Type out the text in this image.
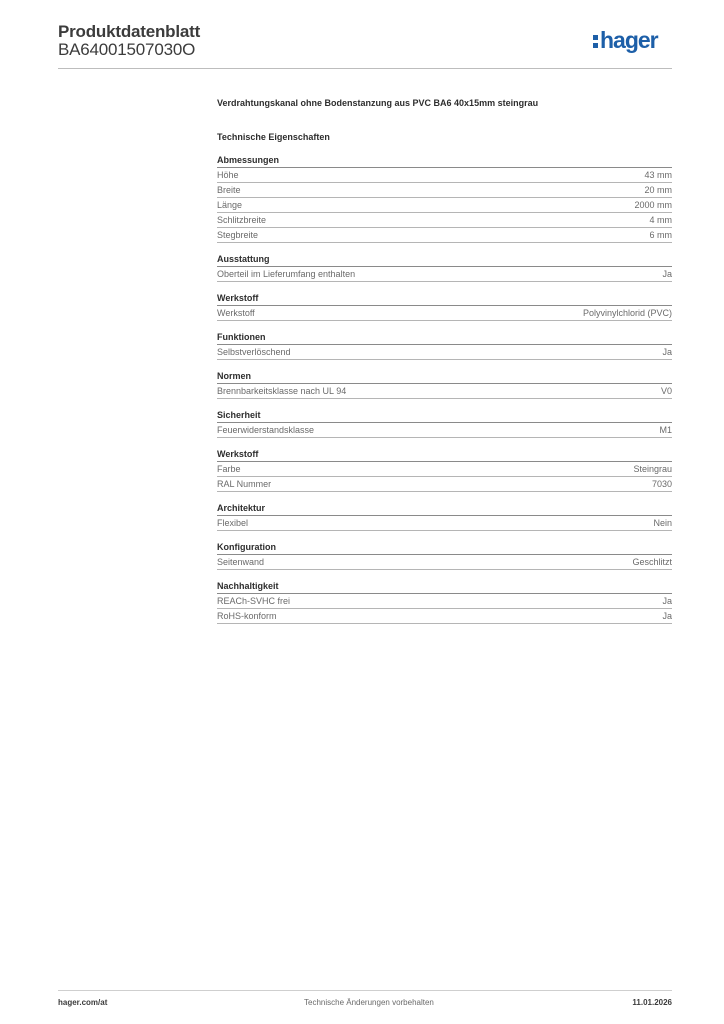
Produktdatenblatt
BA64001507030O	hager
Verdrahtungskanal ohne Bodenstanzung aus PVC BA6 40x15mm steingrau
Technische Eigenschaften
Abmessungen
Höhe	43 mm
Breite	20 mm
Länge	2000 mm
Schlitzbreite	4 mm
Stegbreite	6 mm
Ausstattung
Oberteil im Lieferumfang enthalten	Ja
Werkstoff
Werkstoff	Polyvinylchlorid (PVC)
Funktionen
Selbstverlöschend	Ja
Normen
Brennbarkeitsklasse nach UL 94	V0
Sicherheit
Feuerwiderstandsklasse	M1
Werkstoff
Farbe	Steingrau
RAL Nummer	7030
Architektur
Flexibel	Nein
Konfiguration
Seitenwand	Geschlitzt
Nachhaltigkeit
REACh-SVHC frei	Ja
RoHS-konform	Ja
hager.com/at	Technische Änderungen vorbehalten	11.01.2026
